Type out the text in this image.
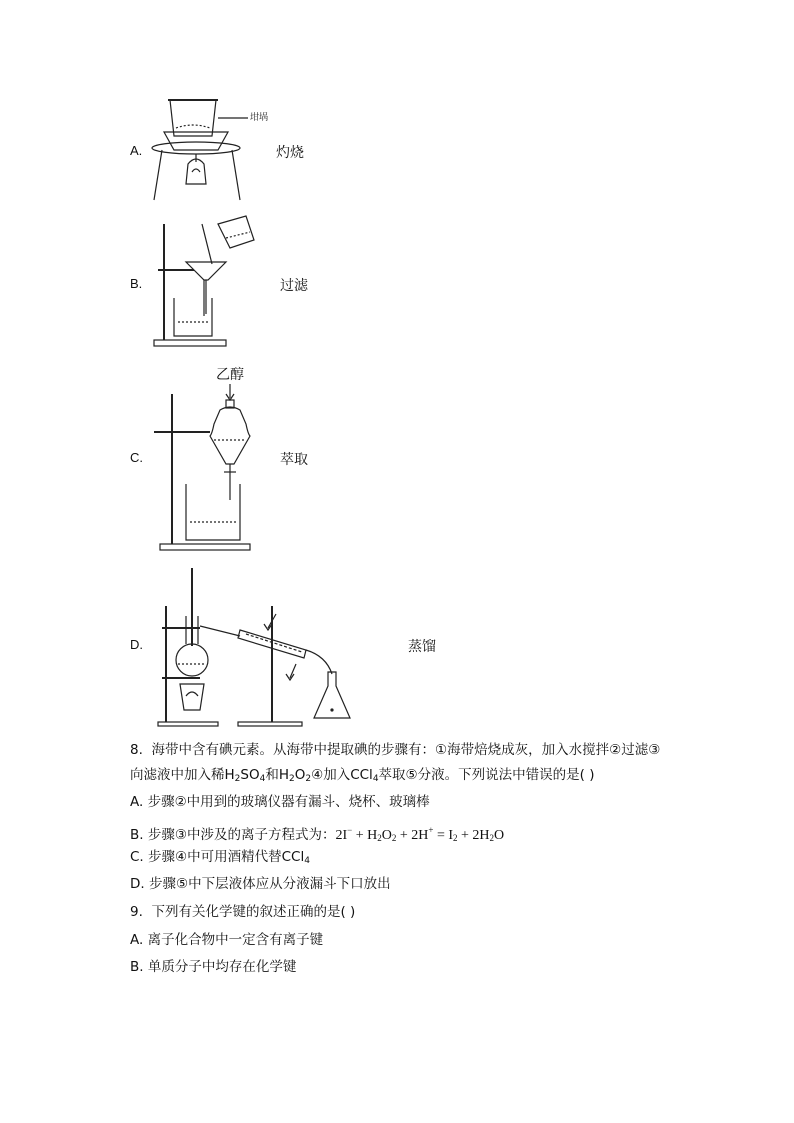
A.
坩埚
灼烧
B.	过滤
乙醇
C.	萃取
D.	蒸馏
8. 海带中含有碘元素。从海带中提取碘的步骤有：①海带焙烧成灰，加入水搅拌②过滤③
向滤液中加入稀$H_2SO_4$和$H_2O_2④$加入CCl$_4$萃取⑤分液。下列说法中错误的是( )
A. 步骤②中用到的玻璃仪器有漏斗、烧杯、玻璃棒
B. 步骤③中涉及的离子方程式为：$2I^- + H_2O_2 + 2H^+ = I_2 + 2H_2O$
C. 步骤④中可用酒精代替CCl$_4$
D. 步骤⑤中下层液体应从分液漏斗下口放出
9. 下列有关化学键的叙述正确的是( )
A. 离子化合物中一定含有离子键
B. 单质分子中均存在化学键
